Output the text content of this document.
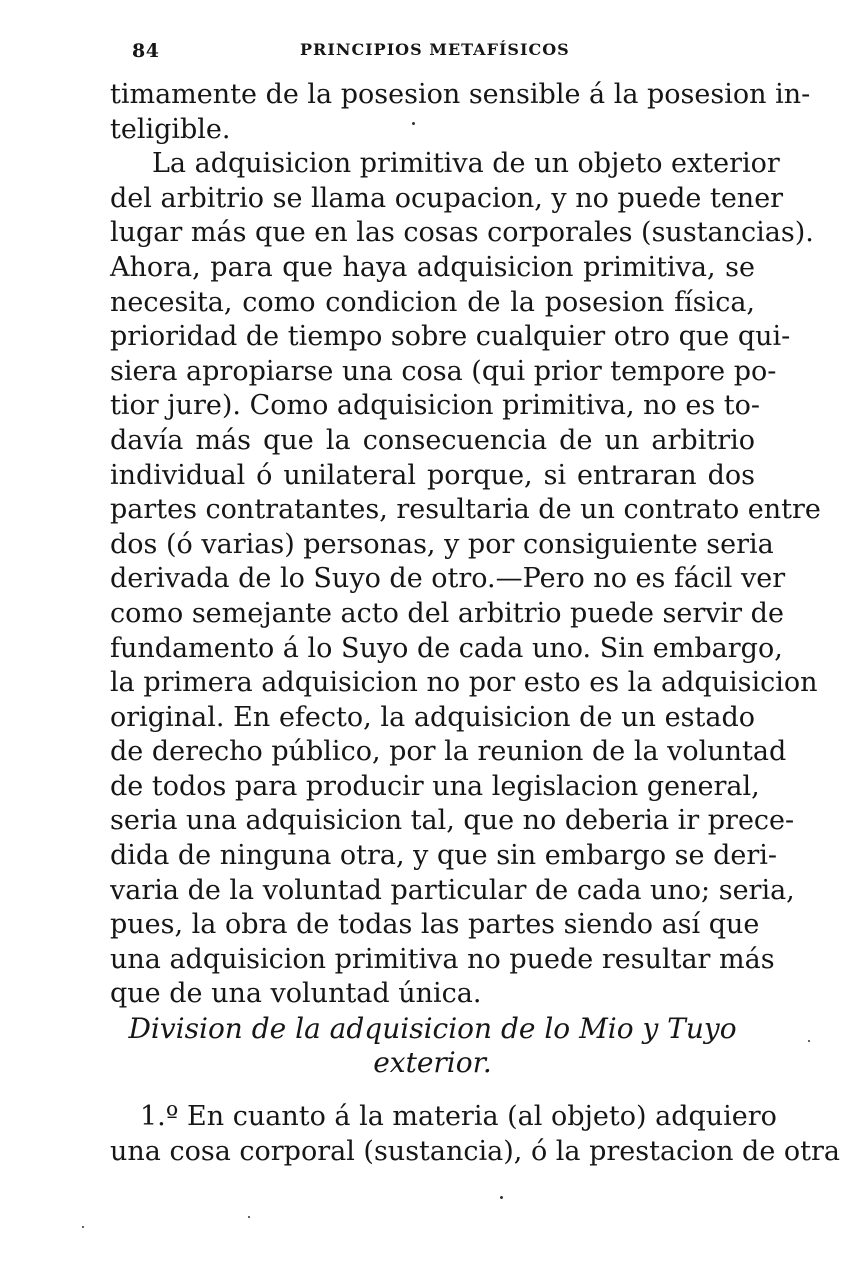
84	PRINCIPIOS METAFÍSICOS
timamente de la posesion sensible á la posesion in-
teligible.
La adquisicion primitiva de un objeto exterior
del arbitrio se llama ocupacion, y no puede tener
lugar más que en las cosas corporales (sustancias).
Ahora, para que haya adquisicion primitiva, se
necesita, como condicion de la posesion física,
prioridad de tiempo sobre cualquier otro que qui-
siera apropiarse una cosa (qui prior tempore po-
tior jure). Como adquisicion primitiva, no es to-
davía más que la consecuencia de un arbitrio
individual ó unilateral porque, si entraran dos
partes contratantes, resultaria de un contrato entre
dos (ó varias) personas, y por consiguiente seria
derivada de lo Suyo de otro.—Pero no es fácil ver
como semejante acto del arbitrio puede servir de
fundamento á lo Suyo de cada uno. Sin embargo,
la primera adquisicion no por esto es la adquisicion
original. En efecto, la adquisicion de un estado
de derecho público, por la reunion de la voluntad
de todos para producir una legislacion general,
seria una adquisicion tal, que no deberia ir prece-
dida de ninguna otra, y que sin embargo se deri-
varia de la voluntad particular de cada uno; seria,
pues, la obra de todas las partes siendo así que
una adquisicion primitiva no puede resultar más
que de una voluntad única.
Division de la adquisicion de lo Mio y Tuyo
exterior.
1.º En cuanto á la materia (al objeto) adquiero
una cosa corporal (sustancia), ó la prestacion de otra
